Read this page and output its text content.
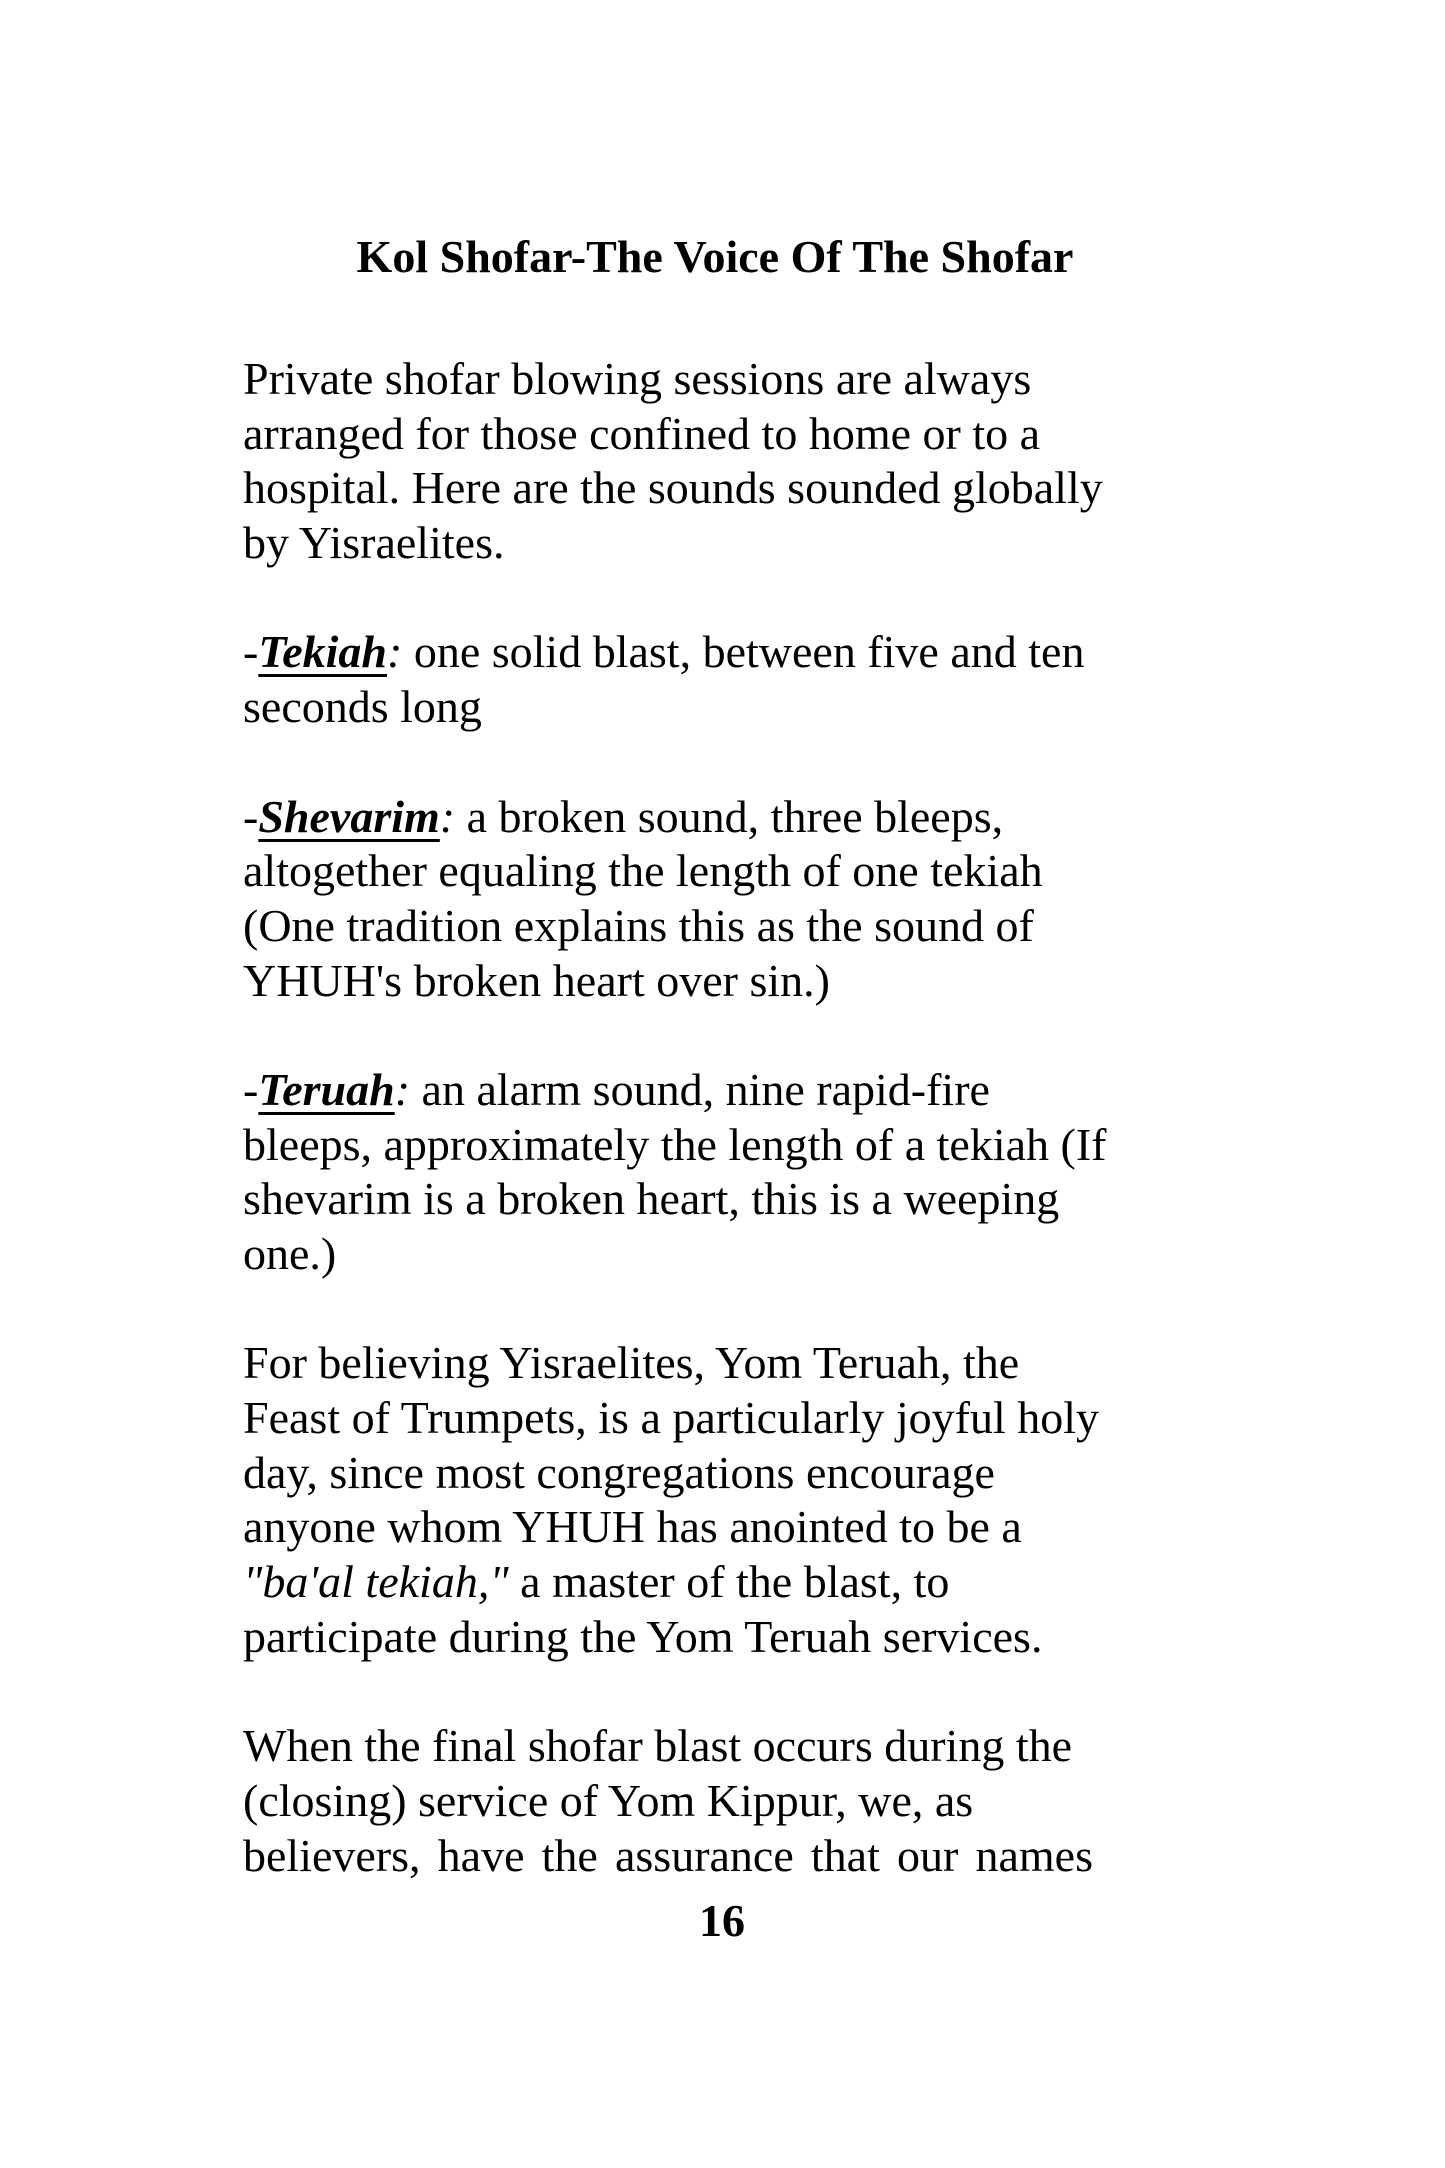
Kol Shofar-The Voice Of The Shofar
Private shofar blowing sessions are always
arranged for those confined to home or to a
hospital. Here are the sounds sounded globally
by Yisraelites.
-Tekiah: one solid blast, between five and ten
seconds long
-Shevarim: a broken sound, three bleeps,
altogether equaling the length of one tekiah
(One tradition explains this as the sound of
YHUH's broken heart over sin.)
-Teruah: an alarm sound, nine rapid-fire
bleeps, approximately the length of a tekiah (If
shevarim is a broken heart, this is a weeping
one.)
For believing Yisraelites, Yom Teruah, the
Feast of Trumpets, is a particularly joyful holy
day, since most congregations encourage
anyone whom YHUH has anointed to be a
"ba'al tekiah," a master of the blast, to
participate during the Yom Teruah services.
When the final shofar blast occurs during the
(closing) service of Yom Kippur, we, as
believers, have the assurance that our names
16
